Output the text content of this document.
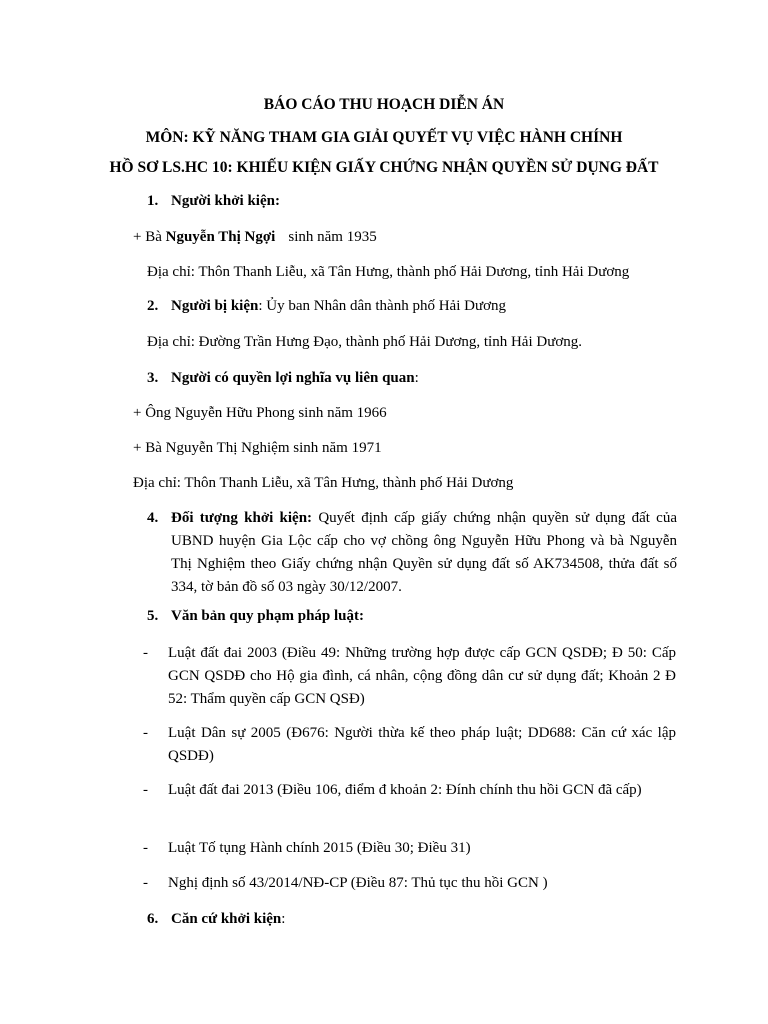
BÁO CÁO THU HOẠCH DIỄN ÁN
MÔN: KỸ NĂNG THAM GIA GIẢI QUYẾT VỤ VIỆC HÀNH CHÍNH
HỒ SƠ LS.HC 10: KHIẾU KIỆN GIẤY CHỨNG NHẬN QUYỀN SỬ DỤNG ĐẤT
1. Người khởi kiện:
+ Bà Nguyễn Thị Ngợi sinh năm 1935
Địa chỉ: Thôn Thanh Liễu, xã Tân Hưng, thành phố Hải Dương, tỉnh Hải Dương
2. Người bị kiện: Ủy ban Nhân dân thành phố Hải Dương
Địa chỉ: Đường Trần Hưng Đạo, thành phố Hải Dương, tỉnh Hải Dương.
3. Người có quyền lợi nghĩa vụ liên quan:
+ Ông Nguyễn Hữu Phong sinh năm 1966
+ Bà Nguyễn Thị Nghiệm sinh năm 1971
Địa chỉ: Thôn Thanh Liễu, xã Tân Hưng, thành phố Hải Dương
4. Đối tượng khởi kiện: Quyết định cấp giấy chứng nhận quyền sử dụng đất của UBND huyện Gia Lộc cấp cho vợ chồng ông Nguyễn Hữu Phong và bà Nguyễn Thị Nghiệm theo Giấy chứng nhận Quyền sử dụng đất số AK734508, thửa đất số 334, tờ bản đồ số 03 ngày 30/12/2007.
5. Văn bản quy phạm pháp luật:
- Luật đất đai 2003 (Điều 49: Những trường hợp được cấp GCN QSDĐ; Đ 50: Cấp GCN QSDĐ cho Hộ gia đình, cá nhân, cộng đồng dân cư sử dụng đất; Khoản 2 Đ 52: Thẩm quyền cấp GCN QSĐ)
- Luật Dân sự 2005 (Đ676: Người thừa kế theo pháp luật; DD688: Căn cứ xác lập QSDĐ)
- Luật đất đai 2013 (Điều 106, điểm đ khoản 2: Đính chính thu hồi GCN đã cấp)
- Luật Tố tụng Hành chính 2015 (Điều 30; Điều 31)
- Nghị định số 43/2014/NĐ-CP (Điều 87: Thủ tục thu hồi GCN )
6. Căn cứ khởi kiện:
